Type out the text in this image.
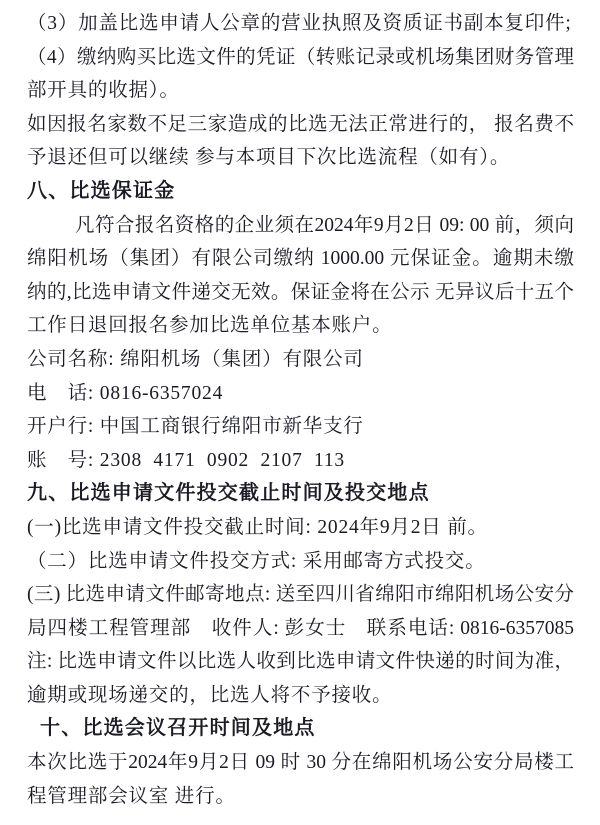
（3）加盖比选申请人公章的营业执照及资质证书副本复印件;
（4）缴纳购买比选文件的凭证（转账记录或机场集团财务管理
部开具的收据）。
如因报名家数不足三家造成的比选无法正常进行的， 报名费不
予退还但可以继续 参与本项目下次比选流程（如有）。
八、比选保证金
凡符合报名资格的企业须在2024年9月2日 09: 00 前，须向
绵阳机场（集团）有限公司缴纳 1000.00 元保证金。逾期未缴
纳的,比选申请文件递交无效。保证金将在公示 无异议后十五个
工作日退回报名参加比选单位基本账户。
公司名称: 绵阳机场（集团）有限公司
电　话: 0816-6357024
开户行: 中国工商银行绵阳市新华支行
账　号: 2308  4171  0902  2107  113
九、比选申请文件投交截止时间及投交地点
(一)比选申请文件投交截止时间: 2024年9月2日 前。
（二）比选申请文件投交方式: 采用邮寄方式投交。
(三) 比选申请文件邮寄地点: 送至四川省绵阳市绵阳机场公安分
局四楼工程管理部　收件人: 彭女士　联系电话: 0816-6357085
注: 比选申请文件以比选人收到比选申请文件快递的时间为准，
逾期或现场递交的，比选人将不予接收。
十、比选会议召开时间及地点
本次比选于2024年9月2日 09 时 30 分在绵阳机场公安分局楼工
程管理部会议室 进行。
